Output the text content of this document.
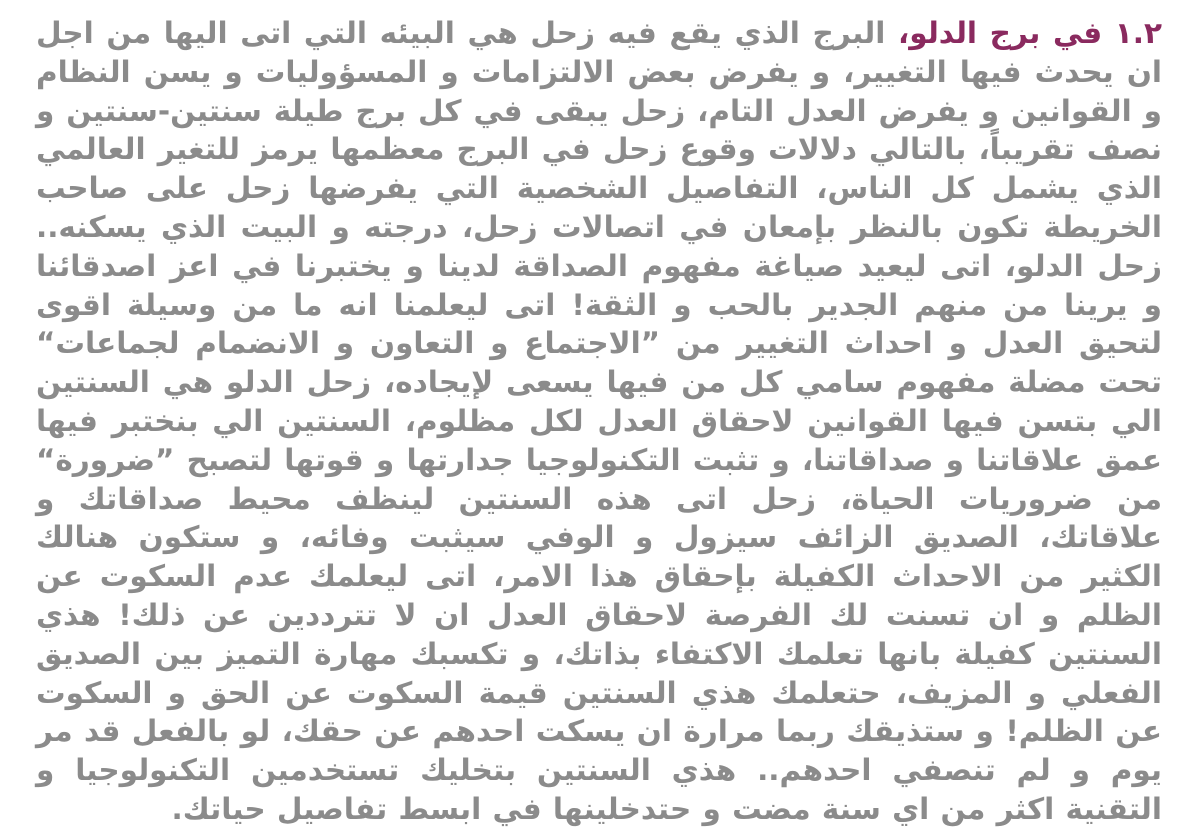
١.٢ في برج الدلو، البرج الذي يقع فيه زحل هي البيئه التي اتى اليها من اجل ان يحدث فيها التغيير، و يفرض بعض الالتزامات و المسؤوليات و يسن النظام و القوانين و يفرض العدل التام، زحل يبقى في كل برج طيلة سنتين-سنتين و نصف تقريباً، بالتالي دلالات وقوع زحل في البرج معظمها يرمز للتغير العالمي الذي يشمل كل الناس، التفاصيل الشخصية التي يفرضها زحل على صاحب الخريطة تكون بالنظر بإمعان في اتصالات زحل، درجته و البيت الذي يسكنه.. زحل الدلو، اتى ليعيد صياغة مفهوم الصداقة لدينا و يختبرنا في اعز اصدقائنا و يرينا من منهم الجدير بالحب و الثقة! اتى ليعلمنا انه ما من وسيلة اقوى لتحيق العدل و احداث التغيير من ”الاجتماع و التعاون و الانضمام لجماعات“ تحت مضلة مفهوم سامي كل من فيها يسعى لإيجاده، زحل الدلو هي السنتين الي بتسن فيها القوانين لاحقاق العدل لكل مظلوم، السنتين الي بنختبر فيها عمق علاقاتنا و صداقاتنا، و تثبت التكنولوجيا جدارتها و قوتها لتصبح ”ضرورة“ من ضروريات الحياة، زحل اتى هذه السنتين لينظف محيط صداقاتك و علاقاتك، الصديق الزائف سيزول و الوفي سيثبت وفائه، و ستكون هنالك الكثير من الاحداث الكفيلة بإحقاق هذا الامر، اتى ليعلمك عدم السكوت عن الظلم و ان تسنت لك الفرصة لاحقاق العدل ان لا تترددين عن ذلك! هذي السنتين كفيلة بانها تعلمك الاكتفاء بذاتك، و تكسبك مهارة التميز بين الصديق الفعلي و المزيف، حتعلمك هذي السنتين قيمة السكوت عن الحق و السكوت عن الظلم! و ستذيقك ربما مرارة ان يسكت احدهم عن حقك، لو بالفعل قد مر يوم و لم تنصفي احدهم.. هذي السنتين بتخليك تستخدمين التكنولوجيا و التقنية اكثر من اي سنة مضت و حتدخلينها في ابسط تفاصيل حياتك.
